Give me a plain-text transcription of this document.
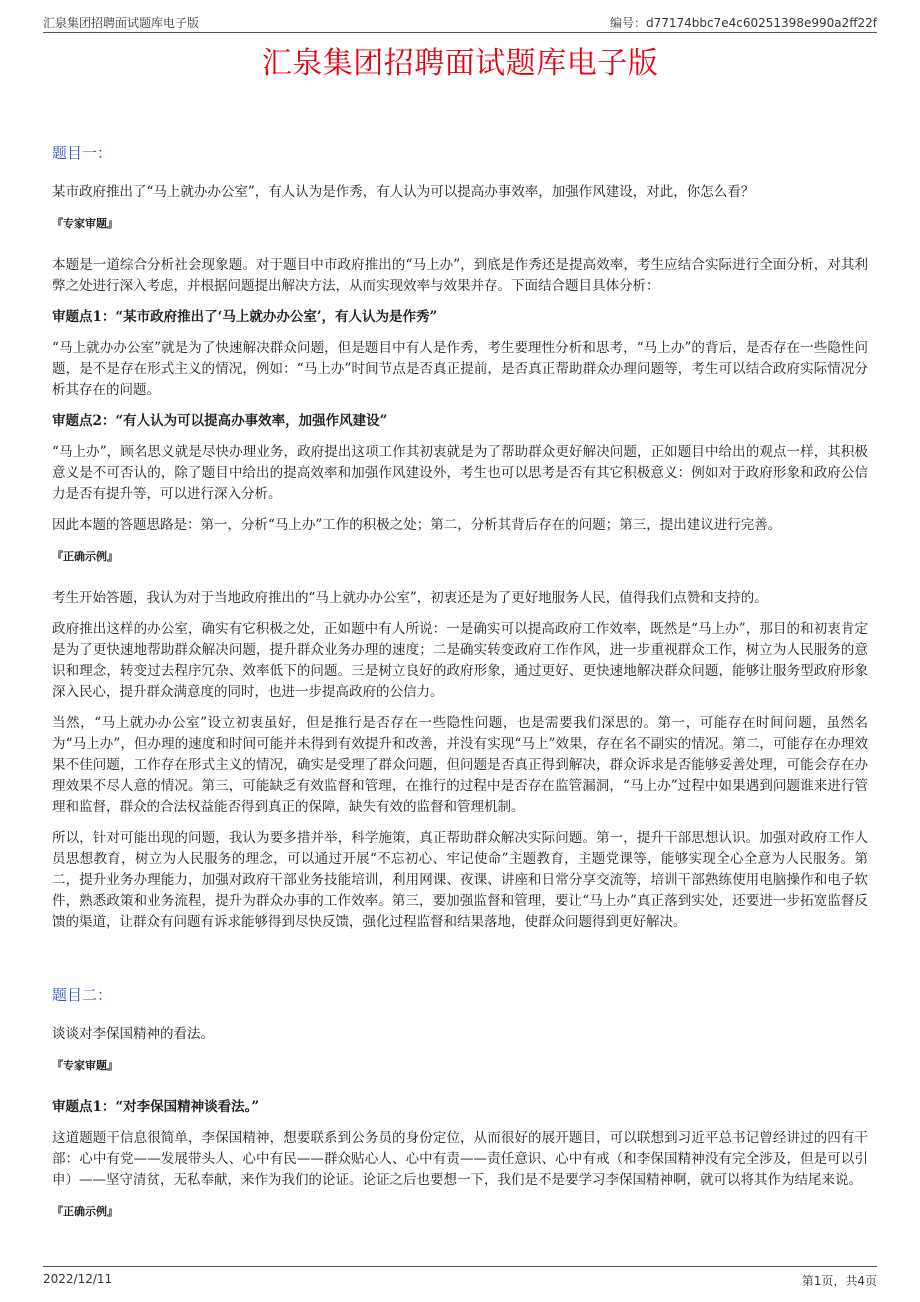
汇泉集团招聘面试题库电子版	编号：d77174bbc7e4c60251398e990a2ff22f
汇泉集团招聘面试题库电子版
题目一：
某市政府推出了“马上就办办公室”，有人认为是作秀，有人认为可以提高办事效率，加强作风建设，对此，你怎么看？
『专家审题』
本题是一道综合分析社会现象题。对于题目中市政府推出的“马上办”，到底是作秀还是提高效率，考生应结合实际进行全面分析，对其利弊之处进行深入考虑，并根据问题提出解决方法，从而实现效率与效果并存。下面结合题目具体分析：
审题点1：“某市政府推出了‘马上就办办公室’，有人认为是作秀”
“马上就办办公室”就是为了快速解决群众问题，但是题目中有人是作秀，考生要理性分析和思考，“马上办”的背后，是否存在一些隐性问题，是不是存在形式主义的情况，例如：“马上办”时间节点是否真正提前，是否真正帮助群众办理问题等，考生可以结合政府实际情况分析其存在的问题。
审题点2：“有人认为可以提高办事效率，加强作风建设”
“马上办”，顾名思义就是尽快办理业务，政府提出这项工作其初衷就是为了帮助群众更好解决问题，正如题目中给出的观点一样，其积极意义是不可否认的，除了题目中给出的提高效率和加强作风建设外，考生也可以思考是否有其它积极意义：例如对于政府形象和政府公信力是否有提升等，可以进行深入分析。
因此本题的答题思路是：第一，分析“马上办”工作的积极之处；第二，分析其背后存在的问题；第三，提出建议进行完善。
『正确示例』
考生开始答题，我认为对于当地政府推出的“马上就办办公室”，初衷还是为了更好地服务人民，值得我们点赞和支持的。
政府推出这样的办公室，确实有它积极之处，正如题中有人所说：一是确实可以提高政府工作效率，既然是“马上办”，那目的和初衷肯定是为了更快速地帮助群众解决问题，提升群众业务办理的速度；二是确实转变政府工作作风，进一步重视群众工作，树立为人民服务的意识和理念，转变过去程序冗杂、效率低下的问题。三是树立良好的政府形象，通过更好、更快速地解决群众问题，能够让服务型政府形象深入民心，提升群众满意度的同时，也进一步提高政府的公信力。
当然，“马上就办办公室”设立初衷虽好，但是推行是否存在一些隐性问题，也是需要我们深思的。第一，可能存在时间问题，虽然名为“马上办”，但办理的速度和时间可能并未得到有效提升和改善，并没有实现“马上”效果，存在名不副实的情况。第二，可能存在办理效果不佳问题，工作存在形式主义的情况，确实是受理了群众问题，但问题是否真正得到解决，群众诉求是否能够妥善处理，可能会存在办理效果不尽人意的情况。第三，可能缺乏有效监督和管理，在推行的过程中是否存在监管漏洞，“马上办”过程中如果遇到问题谁来进行管理和监督，群众的合法权益能否得到真正的保障，缺失有效的监督和管理机制。
所以，针对可能出现的问题，我认为要多措并举，科学施策，真正帮助群众解决实际问题。第一，提升干部思想认识。加强对政府工作人员思想教育，树立为人民服务的理念，可以通过开展“不忘初心、牢记使命”主题教育，主题党课等，能够实现全心全意为人民服务。第二，提升业务办理能力，加强对政府干部业务技能培训，利用网课、夜课、讲座和日常分享交流等，培训干部熟练使用电脑操作和电子软件，熟悉政策和业务流程，提升为群众办事的工作效率。第三，要加强监督和管理，要让“马上办”真正落到实处，还要进一步拓宽监督反馈的渠道，让群众有问题有诉求能够得到尽快反馈，强化过程监督和结果落地，使群众问题得到更好解决。
题目二：
谈谈对李保国精神的看法。
『专家审题』
审题点1：“对李保国精神谈看法。”
这道题题干信息很简单，李保国精神，想要联系到公务员的身份定位，从而很好的展开题目，可以联想到习近平总书记曾经讲过的四有干部：心中有党——发展带头人、心中有民——群众贴心人、心中有责——责任意识、心中有戒（和李保国精神没有完全涉及，但是可以引申）——坚守清贫，无私奉献，来作为我们的论证。论证之后也要想一下，我们是不是要学习李保国精神啊，就可以将其作为结尾来说。
『正确示例』
2022/12/11	第1页，共4页
